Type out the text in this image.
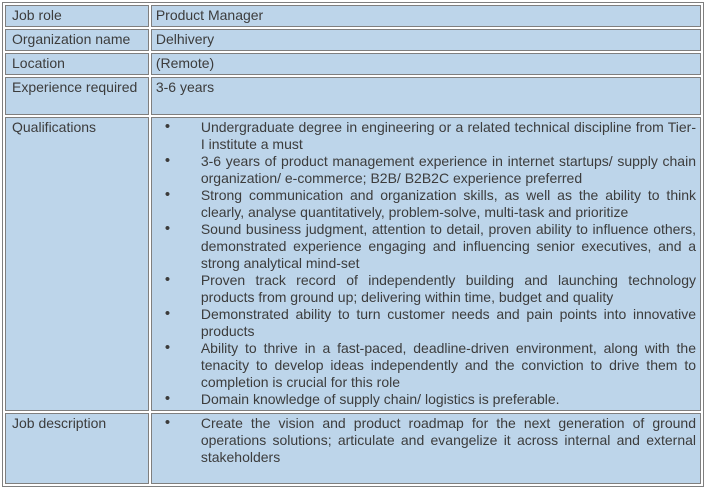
Job role	Product Manager
Organization name	Delhivery
Location	(Remote)
Experience required	3-6 years
Qualifications	• Undergraduate degree in engineering or a related technical discipline from Tier-I institute a must
• 3-6 years of product management experience in internet startups/ supply chain organization/ e-commerce; B2B/ B2B2C experience preferred
• Strong communication and organization skills, as well as the ability to think clearly, analyse quantitatively, problem-solve, multi-task and prioritize
• Sound business judgment, attention to detail, proven ability to influence others, demonstrated experience engaging and influencing senior executives, and a strong analytical mind-set
• Proven track record of independently building and launching technology products from ground up; delivering within time, budget and quality
• Demonstrated ability to turn customer needs and pain points into innovative products
• Ability to thrive in a fast-paced, deadline-driven environment, along with the tenacity to develop ideas independently and the conviction to drive them to completion is crucial for this role
• Domain knowledge of supply chain/ logistics is preferable.

Job description	• Create the vision and product roadmap for the next generation of ground operations solutions; articulate and evangelize it across internal and external stakeholders
